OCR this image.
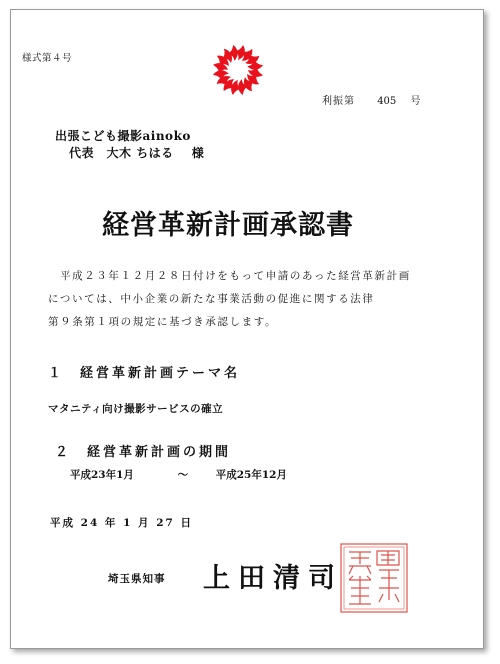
様式第４号
利振第 405 号
出張こども撮影ainoko
代表　大木 ちはる 様
経営革新計画承認書
平成２３年１２月２８日付けをもって申請のあった経営革新計画
については、中小企業の新たな事業活動の促進に関する法律
第９条第１項の規定に基づき承認します。
１　経営革新計画テーマ名
マタニティ向け撮影サービスの確立
２　経営革新計画の期間
平成23年1月	〜	平成25年12月
平成 24 年 1 月 27 日
埼玉県知事 上田清司
